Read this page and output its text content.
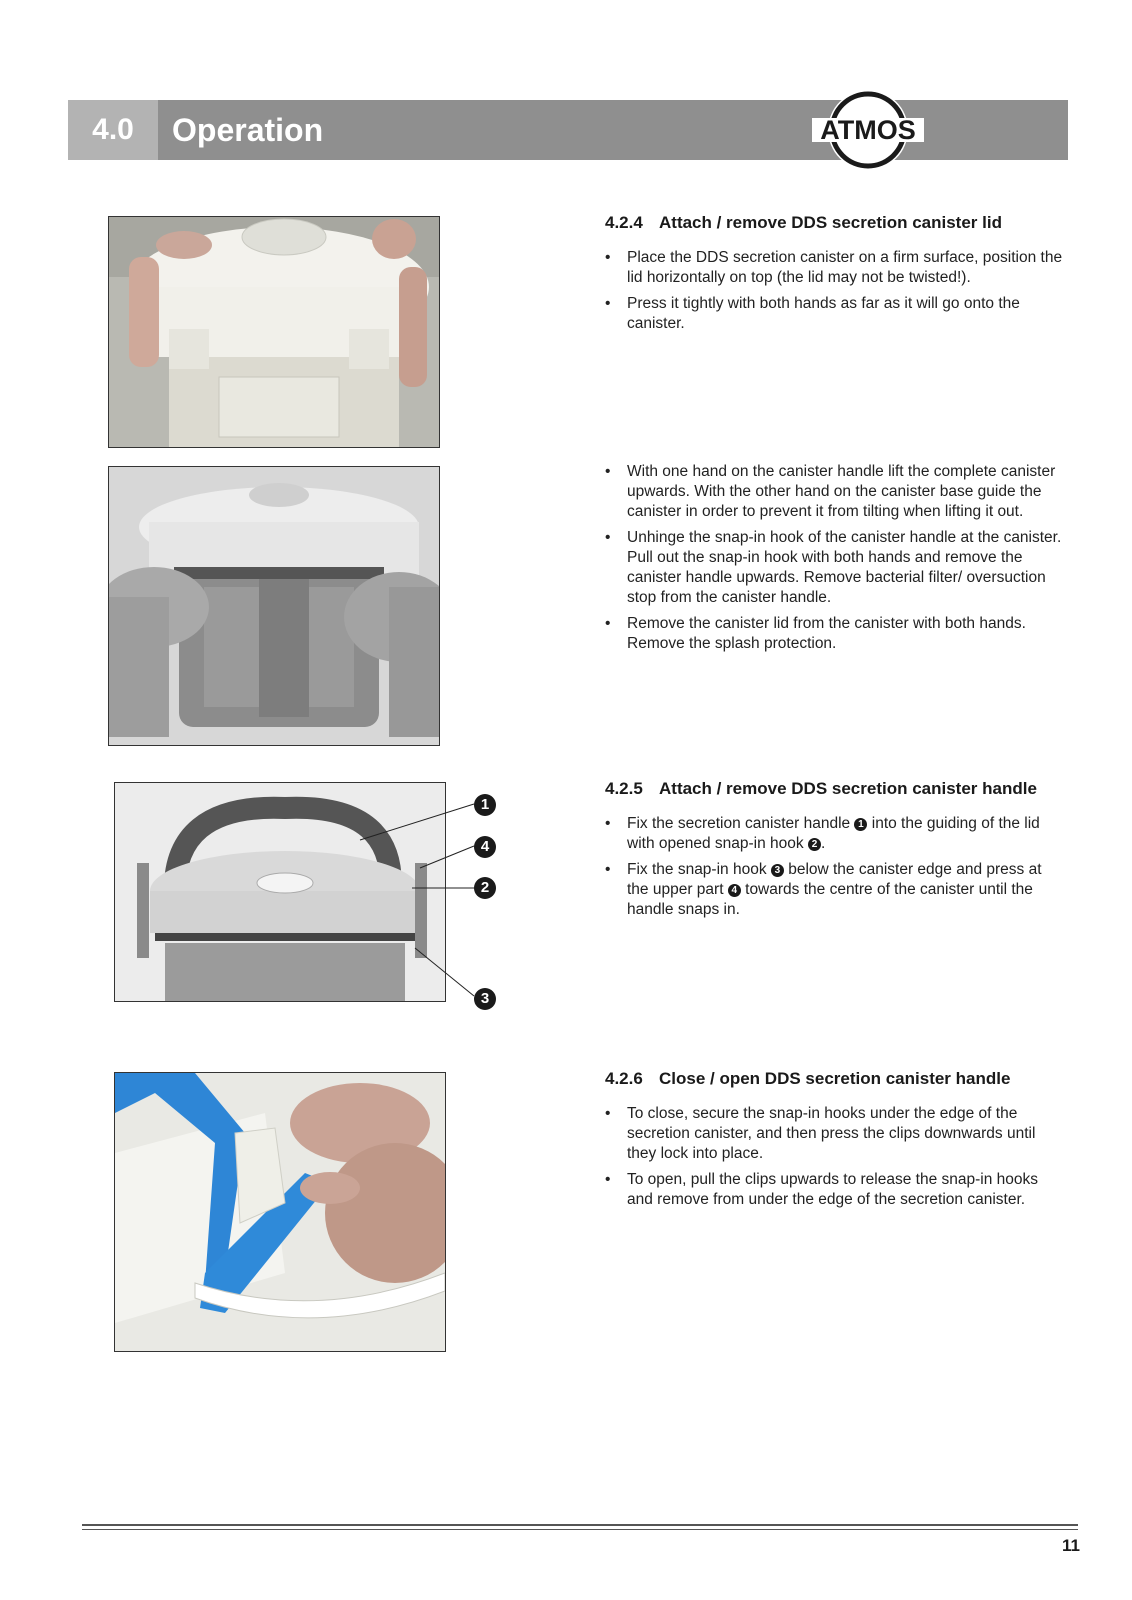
4.0	Operation	ATMOS
1
4
2
3
4.2.4 Attach / remove DDS secretion canister lid
• Place the DDS secretion canister on a firm surface, position the lid horizontally on top (the lid may not be twisted!).
• Press it tightly with both hands as far as it will go onto the canister.
• With one hand on the canister handle lift the complete canister upwards. With the other hand on the canister base guide the canister in order to prevent it from tilting when lifting it out.
• Unhinge the snap-in hook of the canister handle at the canister. Pull out the snap-in hook with both hands and remove the canister handle upwards. Remove bacterial filter/ oversuction stop from the canister handle.
• Remove the canister lid from the canister with both hands. Remove the splash protection.
4.2.5 Attach / remove DDS secretion canister handle
• Fix the secretion canister handle 1 into the guiding of the lid with opened snap-in hook 2 .
• Fix the snap-in hook 3 below the canister edge and press at the upper part 4 towards the centre of the canister until the handle snaps in.
4.2.6 Close / open DDS secretion canister handle
• To close, secure the snap-in hooks under the edge of the secretion canister, and then press the clips downwards until they lock into place.
• To open, pull the clips upwards to release the snap-in hooks and remove from under the edge of the secretion canister.
11
